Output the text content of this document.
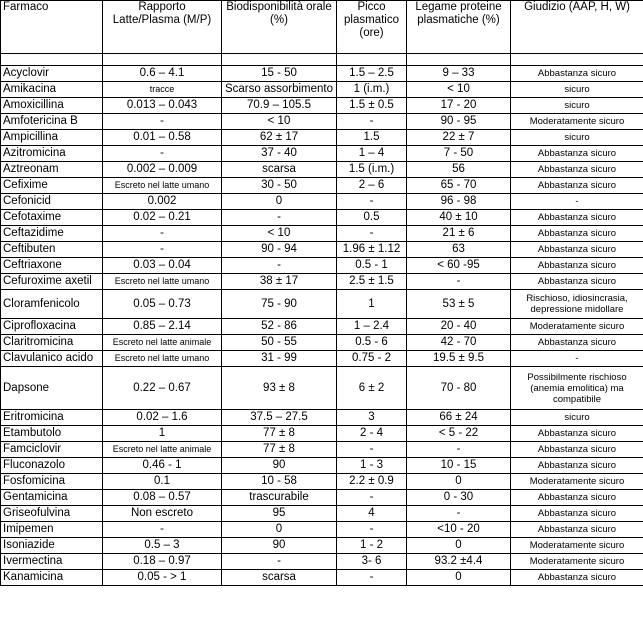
Farmaco	Rapporto Latte/Plasma (M/P)	Biodisponibilità orale (%)	Picco plasmatico (ore)	Legame proteine plasmatiche (%)	Giudizio (AAP, H, W)

Acyclovir	0.6 – 4.1	15 - 50	1.5 – 2.5	9 – 33	Abbastanza sicuro
Amikacina	tracce	Scarso assorbimento	1 (i.m.)	< 10	sicuro
Amoxicillina	0.013 – 0.043	70.9 – 105.5	1.5 ± 0.5	17 - 20	sicuro
Amfotericina B	-	< 10	-	90 - 95	Moderatamente sicuro
Ampicillina	0.01 – 0.58	62 ± 17	1.5	22 ± 7	sicuro
Azitromicina	-	37 - 40	1 – 4	7 - 50	Abbastanza sicuro
Aztreonam	0.002 – 0.009	scarsa	1.5 (i.m.)	56	Abbastanza sicuro
Cefixime	Escreto nel latte umano	30 - 50	2 – 6	65 - 70	Abbastanza sicuro
Cefonicid	0.002	0	-	96 - 98	-
Cefotaxime	0.02 – 0.21	-	0.5	40 ± 10	Abbastanza sicuro
Ceftazidime	-	< 10	-	21 ± 6	Abbastanza sicuro
Ceftibuten	-	90 - 94	1.96 ± 1.12	63	Abbastanza sicuro
Ceftriaxone	0.03 – 0.04	-	0.5 - 1	< 60 -95	Abbastanza sicuro
Cefuroxime axetil	Escreto nel latte umano	38 ± 17	2.5 ± 1.5	-	Abbastanza sicuro
Cloramfenicolo	0.05 – 0.73	75 - 90	1	53 ± 5	Rischioso, idiosincrasia, depressione midollare
Ciprofloxacina	0.85 – 2.14	52 - 86	1 – 2.4	20 - 40	Moderatamente sicuro
Claritromicina	Escreto nel latte animale	50 - 55	0.5 - 6	42 - 70	Abbastanza sicuro
Clavulanico acido	Escreto nel latte umano	31 - 99	0.75 - 2	19.5 ± 9.5	-
Dapsone	0.22 – 0.67	93 ± 8	6 ± 2	70 - 80	Possibilmente rischioso (anemia emolitica) ma compatibile
Eritromicina	0.02 – 1.6	37.5 – 27.5	3	66 ± 24	sicuro
Etambutolo	1	77 ± 8	2 - 4	< 5 - 22	Abbastanza sicuro
Famciclovir	Escreto nel latte animale	77 ± 8	-	-	Abbastanza sicuro
Fluconazolo	0.46 - 1	90	1 - 3	10 - 15	Abbastanza sicuro
Fosfomicina	0.1	10 - 58	2.2 ± 0.9	0	Moderatamente sicuro
Gentamicina	0.08 – 0.57	trascurabile	-	0 - 30	Abbastanza sicuro
Griseofulvina	Non escreto	95	4	-	Abbastanza sicuro
Imipemen	-	0	-	<10 - 20	Abbastanza sicuro
Isoniazide	0.5 – 3	90	1 - 2	0	Moderatamente sicuro
Ivermectina	0.18 – 0.97	-	3- 6	93.2 ±4.4	Moderatamente sicuro
Kanamicina	0.05 - > 1	scarsa	-	0	Abbastanza sicuro
